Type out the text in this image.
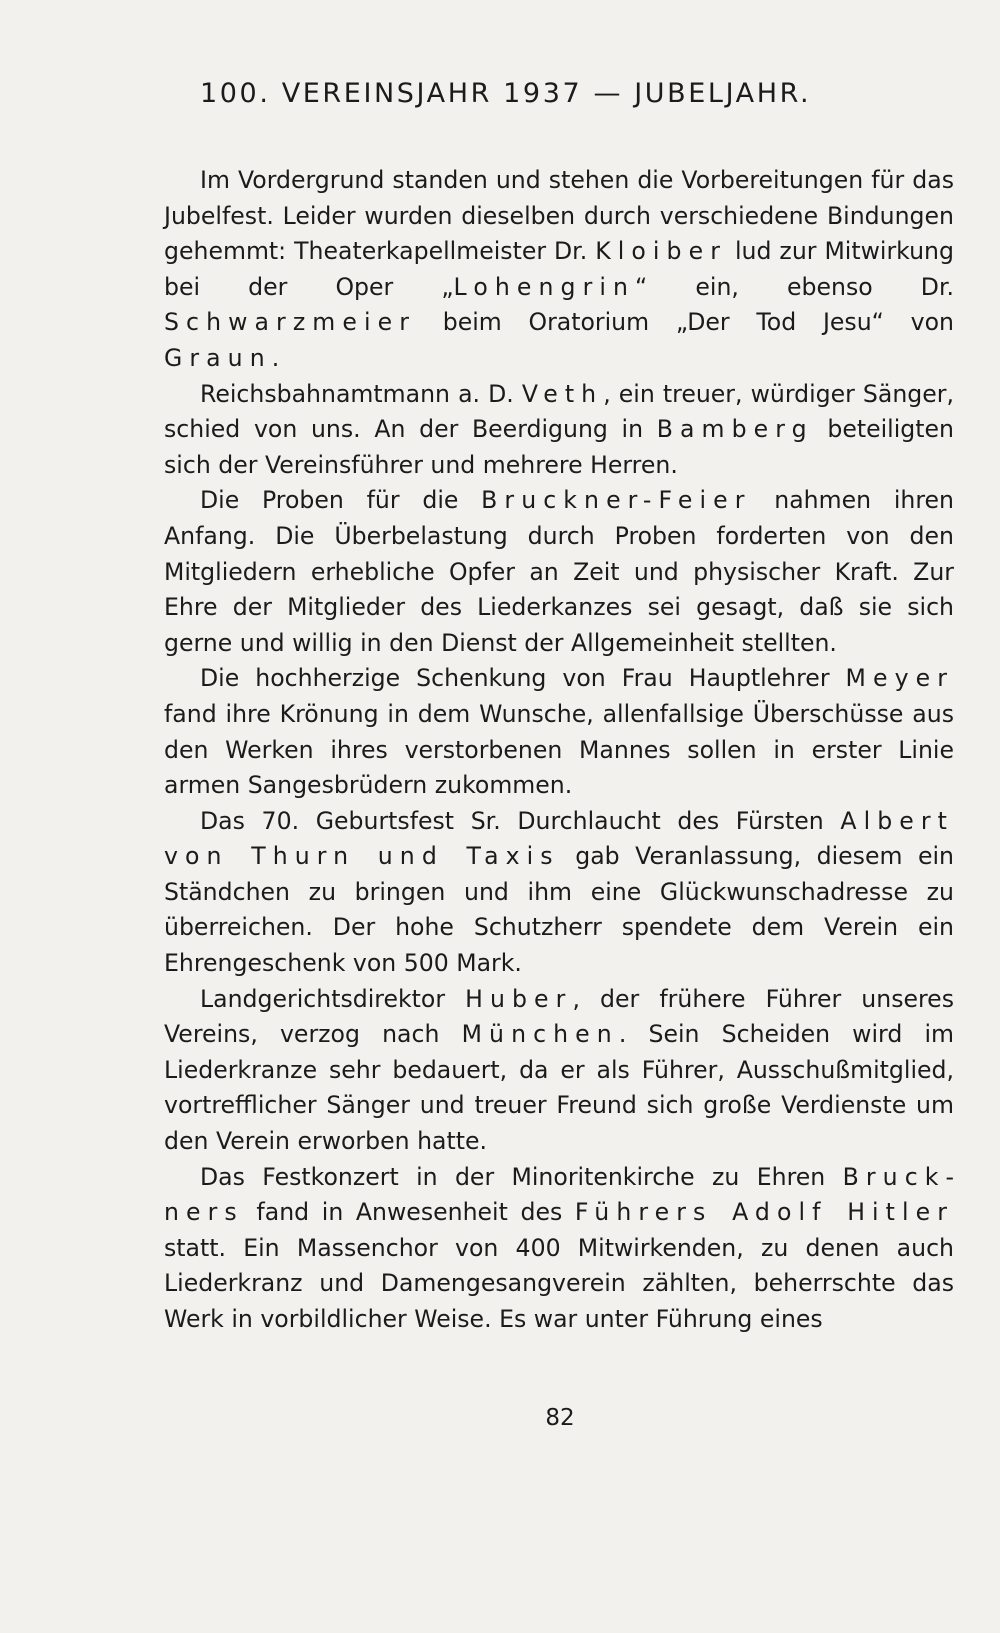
100. VEREINSJAHR 1937 — JUBELJAHR.

Im Vordergrund standen und stehen die Vorbereitungen für das Jubelfest. Leider wurden dieselben durch verschiedene Bindungen gehemmt: Theaterkapellmeister Dr. Kloiber lud zur Mitwirkung bei der Oper „Lohengrin“ ein, ebenso Dr. Schwarzmeier beim Oratorium „Der Tod Jesu“ von Graun.

Reichsbahnamtmann a. D. Veth, ein treuer, würdiger Sänger, schied von uns. An der Beerdigung in Bamberg beteiligten sich der Vereinsführer und mehrere Herren.

Die Proben für die Bruckner-Feier nahmen ihren Anfang. Die Überbelastung durch Proben forderten von den Mitgliedern erhebliche Opfer an Zeit und physischer Kraft. Zur Ehre der Mitglieder des Liederkanzes sei gesagt, daß sie sich gerne und willig in den Dienst der Allgemeinheit stellten.

Die hochherzige Schenkung von Frau Hauptlehrer Meyer fand ihre Krönung in dem Wunsche, allenfallsige Überschüsse aus den Werken ihres verstorbenen Mannes sollen in erster Linie armen Sangesbrüdern zukommen.

Das 70. Geburtsfest Sr. Durchlaucht des Fürsten Albert von Thurn und Taxis gab Veranlassung, diesem ein Ständchen zu bringen und ihm eine Glückwunschadresse zu überreichen. Der hohe Schutzherr spendete dem Verein ein Ehrengeschenk von 500 Mark.

Landgerichtsdirektor Huber, der frühere Führer unseres Vereins, verzog nach München. Sein Scheiden wird im Liederkranze sehr bedauert, da er als Führer, Ausschußmitglied, vortrefflicher Sänger und treuer Freund sich große Verdienste um den Verein erworben hatte.

Das Festkonzert in der Minoritenkirche zu Ehren Bruckners fand in Anwesenheit des Führers Adolf Hitler statt. Ein Massenchor von 400 Mitwirkenden, zu denen auch Liederkranz und Damengesangverein zählten, beherrschte das Werk in vorbildlicher Weise. Es war unter Führung eines

82
